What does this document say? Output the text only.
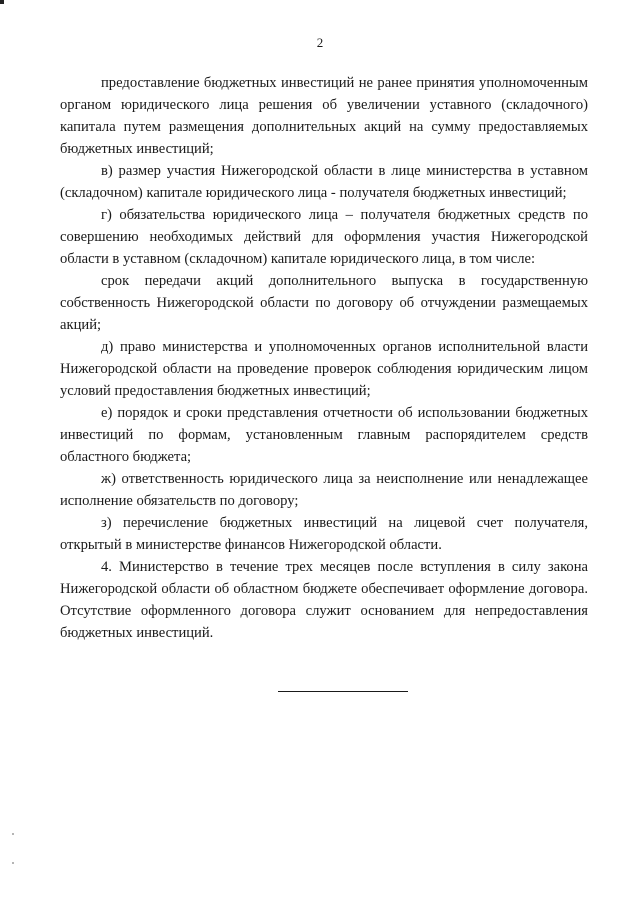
2

предоставление бюджетных инвестиций не ранее принятия уполномоченным органом юридического лица решения об увеличении уставного (складочного) капитала путем размещения дополнительных акций на сумму предоставляемых бюджетных инвестиций;

в) размер участия Нижегородской области в лице министерства в уставном (складочном) капитале юридического лица - получателя бюджетных инвестиций;

г) обязательства юридического лица – получателя бюджетных средств по совершению необходимых действий для оформления участия Нижегородской области в уставном (складочном) капитале юридического лица, в том числе:

срок передачи акций дополнительного выпуска в государственную собственность Нижегородской области по договору об отчуждении размещаемых акций;

д) право министерства и уполномоченных органов исполнительной власти Нижегородской области на проведение проверок соблюдения юридическим лицом условий предоставления бюджетных инвестиций;

е) порядок и сроки представления отчетности об использовании бюджетных инвестиций по формам, установленным главным распорядителем средств областного бюджета;

ж) ответственность юридического лица за неисполнение или ненадлежащее исполнение обязательств по договору;

з) перечисление бюджетных инвестиций на лицевой счет получателя, открытый в министерстве финансов Нижегородской области.

4. Министерство в течение трех месяцев после вступления в силу закона Нижегородской области об областном бюджете обеспечивает оформление договора. Отсутствие оформленного договора служит основанием для непредоставления бюджетных инвестиций.
